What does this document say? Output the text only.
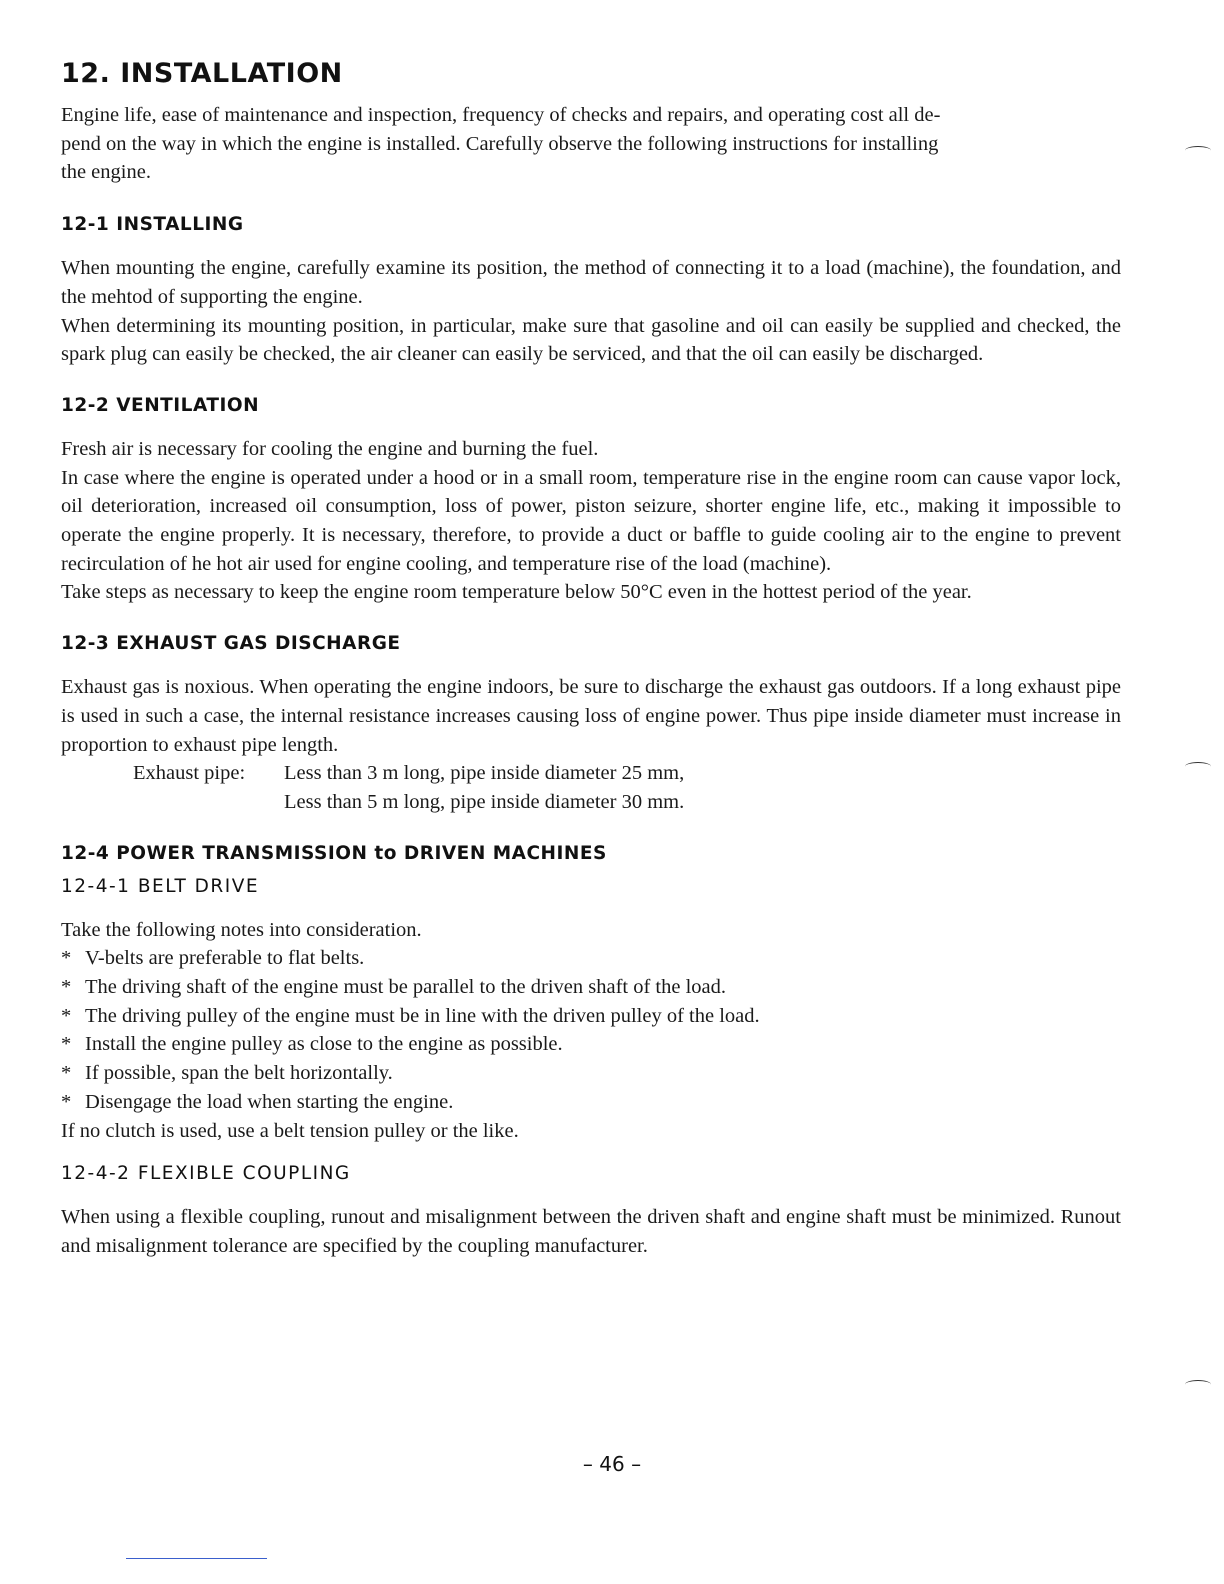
12. INSTALLATION

Engine life, ease of maintenance and inspection, frequency of checks and repairs, and operating cost all de-

pend on the way in which the engine is installed. Carefully observe the following instructions for installing

the engine.

12-1 INSTALLING

When mounting the engine, carefully examine its position, the method of connecting it to a load (machine), the foundation, and the mehtod of supporting the engine.

When determining its mounting position, in particular, make sure that gasoline and oil can easily be supplied and checked, the spark plug can easily be checked, the air cleaner can easily be serviced, and that the oil can easily be discharged.

12-2 VENTILATION

Fresh air is necessary for cooling the engine and burning the fuel.

In case where the engine is operated under a hood or in a small room, temperature rise in the engine room can cause vapor lock, oil deterioration, increased oil consumption, loss of power, piston seizure, shorter engine life, etc., making it impossible to operate the engine properly. It is necessary, therefore, to provide a duct or baffle to guide cooling air to the engine to prevent recirculation of he hot air used for engine cooling, and temperature rise of the load (machine).

Take steps as necessary to keep the engine room temperature below 50°C even in the hottest period of the year.

12-3 EXHAUST GAS DISCHARGE

Exhaust gas is noxious. When operating the engine indoors, be sure to discharge the exhaust gas outdoors. If a long exhaust pipe is used in such a case, the internal resistance increases causing loss of engine power. Thus pipe inside diameter must increase in proportion to exhaust pipe length.

Exhaust pipe: Less than 3 m long, pipe inside diameter 25 mm,

Less than 5 m long, pipe inside diameter 30 mm.

12-4 POWER TRANSMISSION to DRIVEN MACHINES
12-4-1 BELT DRIVE

Take the following notes into consideration.

* V-belts are preferable to flat belts.
* The driving shaft of the engine must be parallel to the driven shaft of the load.
* The driving pulley of the engine must be in line with the driven pulley of the load.
* Install the engine pulley as close to the engine as possible.
* If possible, span the belt horizontally.
* Disengage the load when starting the engine.

If no clutch is used, use a belt tension pulley or the like.

12-4-2 FLEXIBLE COUPLING

When using a flexible coupling, runout and misalignment between the driven shaft and engine shaft must be minimized. Runout and misalignment tolerance are specified by the coupling manufacturer.

– 46 –
